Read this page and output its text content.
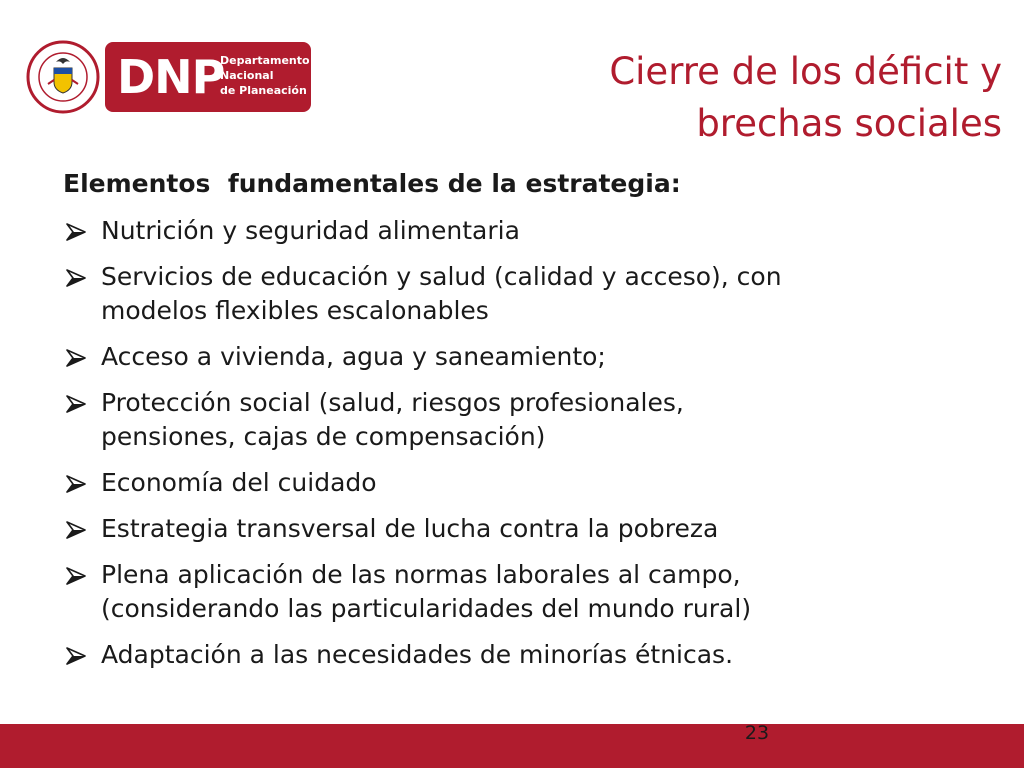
DNP
Departamento
Nacional
de Planeación	Cierre de los déficit y
brechas sociales
Elementos  fundamentales de la estrategia:
Nutrición y seguridad alimentaria
Servicios de educación y salud (calidad y acceso), con
modelos flexibles escalonables
Acceso a vivienda, agua y saneamiento;
Protección social (salud, riesgos profesionales,
pensiones, cajas de compensación)
Economía del cuidado
Estrategia transversal de lucha contra la pobreza
Plena aplicación de las normas laborales al campo,
(considerando las particularidades del mundo rural)
Adaptación a las necesidades de minorías étnicas.
23
